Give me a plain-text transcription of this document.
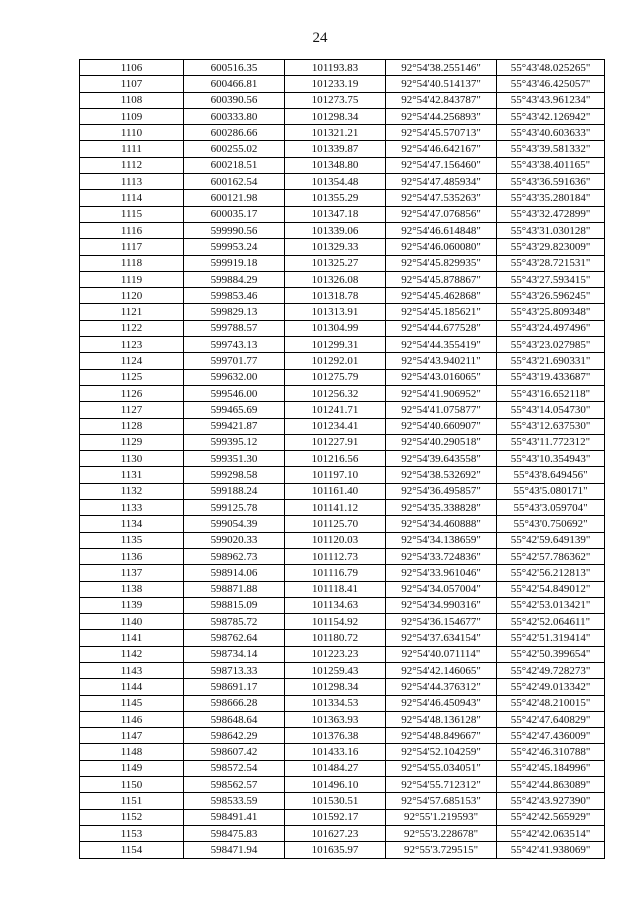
24
1106	600516.35	101193.83	92°54'38.255146"	55°43'48.025265"
1107	600466.81	101233.19	92°54'40.514137"	55°43'46.425057"
1108	600390.56	101273.75	92°54'42.843787"	55°43'43.961234"
1109	600333.80	101298.34	92°54'44.256893"	55°43'42.126942"
1110	600286.66	101321.21	92°54'45.570713"	55°43'40.603633"
1111	600255.02	101339.87	92°54'46.642167"	55°43'39.581332"
1112	600218.51	101348.80	92°54'47.156460"	55°43'38.401165"
1113	600162.54	101354.48	92°54'47.485934"	55°43'36.591636"
1114	600121.98	101355.29	92°54'47.535263"	55°43'35.280184"
1115	600035.17	101347.18	92°54'47.076856"	55°43'32.472899"
1116	599990.56	101339.06	92°54'46.614848"	55°43'31.030128"
1117	599953.24	101329.33	92°54'46.060080"	55°43'29.823009"
1118	599919.18	101325.27	92°54'45.829935"	55°43'28.721531"
1119	599884.29	101326.08	92°54'45.878867"	55°43'27.593415"
1120	599853.46	101318.78	92°54'45.462868"	55°43'26.596245"
1121	599829.13	101313.91	92°54'45.185621"	55°43'25.809348"
1122	599788.57	101304.99	92°54'44.677528"	55°43'24.497496"
1123	599743.13	101299.31	92°54'44.355419"	55°43'23.027985"
1124	599701.77	101292.01	92°54'43.940211"	55°43'21.690331"
1125	599632.00	101275.79	92°54'43.016065"	55°43'19.433687"
1126	599546.00	101256.32	92°54'41.906952"	55°43'16.652118"
1127	599465.69	101241.71	92°54'41.075877"	55°43'14.054730"
1128	599421.87	101234.41	92°54'40.660907"	55°43'12.637530"
1129	599395.12	101227.91	92°54'40.290518"	55°43'11.772312"
1130	599351.30	101216.56	92°54'39.643558"	55°43'10.354943"
1131	599298.58	101197.10	92°54'38.532692"	55°43'8.649456"
1132	599188.24	101161.40	92°54'36.495857"	55°43'5.080171"
1133	599125.78	101141.12	92°54'35.338828"	55°43'3.059704"
1134	599054.39	101125.70	92°54'34.460888"	55°43'0.750692"
1135	599020.33	101120.03	92°54'34.138659"	55°42'59.649139"
1136	598962.73	101112.73	92°54'33.724836"	55°42'57.786362"
1137	598914.06	101116.79	92°54'33.961046"	55°42'56.212813"
1138	598871.88	101118.41	92°54'34.057004"	55°42'54.849012"
1139	598815.09	101134.63	92°54'34.990316"	55°42'53.013421"
1140	598785.72	101154.92	92°54'36.154677"	55°42'52.064611"
1141	598762.64	101180.72	92°54'37.634154"	55°42'51.319414"
1142	598734.14	101223.23	92°54'40.071114"	55°42'50.399654"
1143	598713.33	101259.43	92°54'42.146065"	55°42'49.728273"
1144	598691.17	101298.34	92°54'44.376312"	55°42'49.013342"
1145	598666.28	101334.53	92°54'46.450943"	55°42'48.210015"
1146	598648.64	101363.93	92°54'48.136128"	55°42'47.640829"
1147	598642.29	101376.38	92°54'48.849667"	55°42'47.436009"
1148	598607.42	101433.16	92°54'52.104259"	55°42'46.310788"
1149	598572.54	101484.27	92°54'55.034051"	55°42'45.184996"
1150	598562.57	101496.10	92°54'55.712312"	55°42'44.863089"
1151	598533.59	101530.51	92°54'57.685153"	55°42'43.927390"
1152	598491.41	101592.17	92°55'1.219593"	55°42'42.565929"
1153	598475.83	101627.23	92°55'3.228678"	55°42'42.063514"
1154	598471.94	101635.97	92°55'3.729515"	55°42'41.938069"
